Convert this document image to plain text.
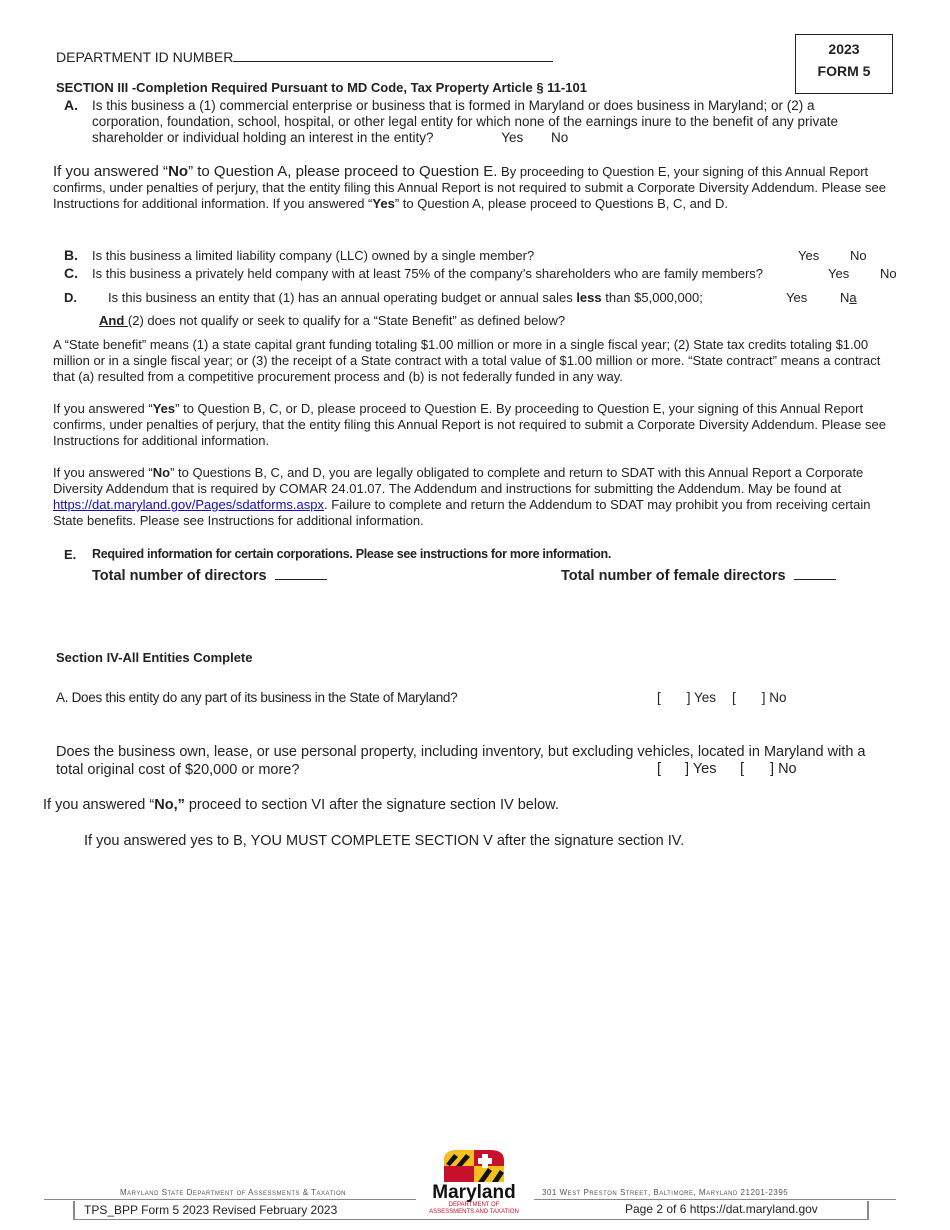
DEPARTMENT ID NUMBER	2023
FORM 5
SECTION III -Completion Required Pursuant to MD Code, Tax Property Article § 11-101
A. Is this business a (1) commercial enterprise or business that is formed in Maryland or does business in Maryland; or (2) a corporation, foundation, school, hospital, or other legal entity for which none of the earnings inure to the benefit of any private shareholder or individual holding an interest in the entity?	Yes No
If you answered “No” to Question A, please proceed to Question E. By proceeding to Question E, your signing of this Annual Report confirms, under penalties of perjury, that the entity filing this Annual Report is not required to submit a Corporate Diversity Addendum. Please see Instructions for additional information. If you answered “Yes” to Question A, please proceed to Questions B, C, and D.
B. Is this business a limited liability company (LLC) owned by a single member?	Yes No
C. Is this business a privately held company with at least 75% of the company’s shareholders who are family members?	Yes No
D. Is this business an entity that (1) has an annual operating budget or annual sales less than $5,000,000;	Yes	Na
And (2) does not qualify or seek to qualify for a “State Benefit” as defined below?
A “State benefit” means (1) a state capital grant funding totaling $1.00 million or more in a single fiscal year; (2) State tax credits totaling $1.00 million or in a single fiscal year; or (3) the receipt of a State contract with a total value of $1.00 million or more. “State contract” means a contract that (a) resulted from a competitive procurement process and (b) is not federally funded in any way.
If you answered “Yes” to Question B, C, or D, please proceed to Question E. By proceeding to Question E, your signing of this Annual Report confirms, under penalties of perjury, that the entity filing this Annual Report is not required to submit a Corporate Diversity Addendum. Please see Instructions for additional information.
If you answered “No” to Questions B, C, and D, you are legally obligated to complete and return to SDAT with this Annual Report a Corporate Diversity Addendum that is required by COMAR 24.01.07. The Addendum and instructions for submitting the Addendum. May be found at https://dat.maryland.gov/Pages/sdatforms.aspx. Failure to complete and return the Addendum to SDAT may prohibit you from receiving certain State benefits. Please see Instructions for additional information.
E. Required information for certain corporations. Please see instructions for more information.
Total number of directors	Total number of female directors
Section IV-All Entities Complete
A. Does this entity do any part of its business in the State of Maryland?	[ ] Yes [ ] No
Does the business own, lease, or use personal property, including inventory, but excluding vehicles, located in Maryland with a total original cost of $20,000 or more?	[ ] Yes [ ] No
If you answered “No,” proceed to section VI after the signature section IV below.
If you answered yes to B, YOU MUST COMPLETE SECTION V after the signature section IV.
Maryland State Department of Assessments & Taxation	301 West Preston Street, Baltimore, Maryland 21201-2395
Maryland
DEPARTMENT OF
ASSESSMENTS AND TAXATION
TPS_BPP Form 5 2023 Revised February 2023	Page 2 of 6 https://dat.maryland.gov
